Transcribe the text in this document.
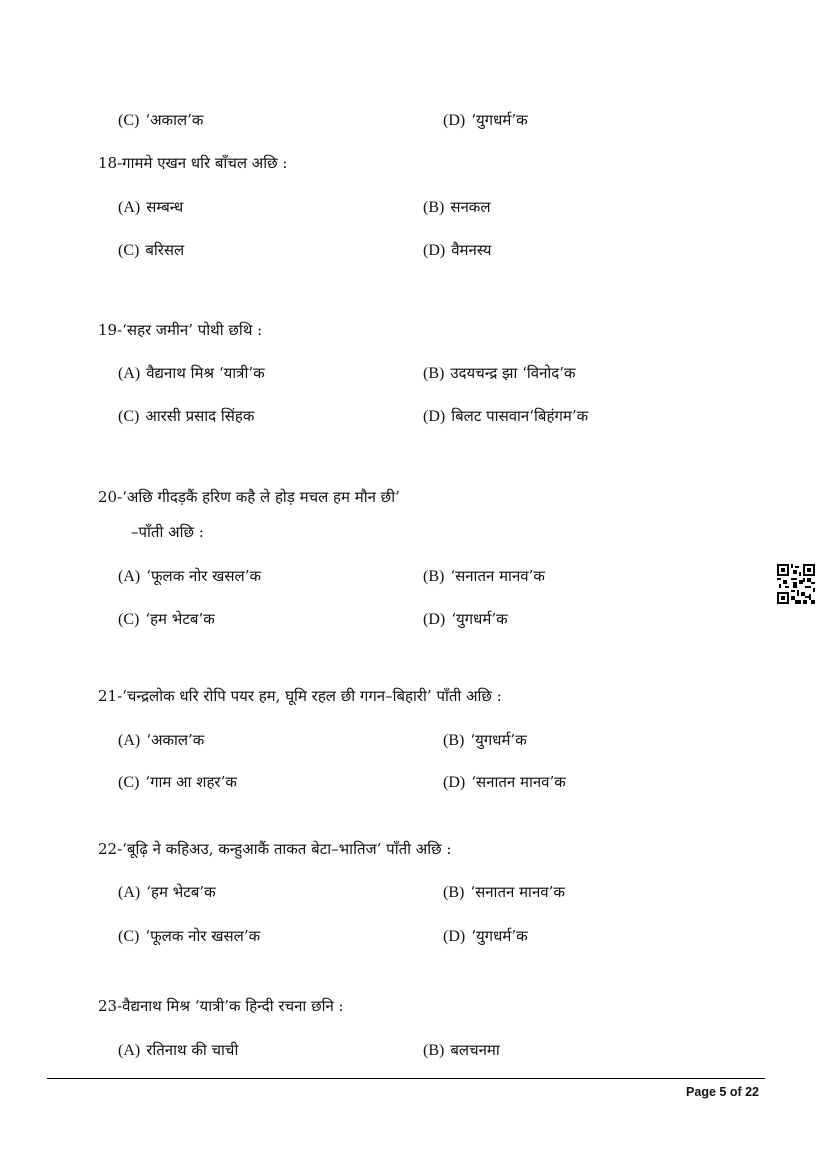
(C) ‘अकाल’क	(D) ‘युगधर्म’क
18-गाममे एखन धरि बाँचल अछि :
(A) सम्बन्ध	(B) सनकल
(C) बरिसल	(D) वैमनस्य
19-‘सहर जमीन’ पोथी छथि :
(A) वैद्यनाथ मिश्र ‘यात्री’क	(B) उदयचन्द्र झा ‘विनोद’क
(C) आरसी प्रसाद सिंहक	(D) बिलट पासवान‘बिहंगम’क
20-‘अछि गीदड़कैं हरिण कहै ले होड़ मचल हम मौन छी’
–पाँती अछि :
(A) ‘फूलक नोर खसल’क	(B) ‘सनातन मानव’क
(C) ‘हम भेटब’क	(D) ‘युगधर्म’क
21-‘चन्द्रलोक धरि रोपि पयर हम, घूमि रहल छी गगन–बिहारी’ पाँती अछि :
(A) ‘अकाल’क	(B) ‘युगधर्म’क
(C) ‘गाम आ शहर’क	(D) ‘सनातन मानव’क
22-‘बूढ़ि ने कहिअउ, कन्हुआकैं ताकत बेटा–भातिज’ पाँती अछि :
(A) ‘हम भेटब’क	(B) ‘सनातन मानव’क
(C) ‘फूलक नोर खसल’क	(D) ‘युगधर्म’क
23-वैद्यनाथ मिश्र ‘यात्री’क हिन्दी रचना छनि :
(A) रतिनाथ की चाची	(B) बलचनमा
Page 5 of 22
